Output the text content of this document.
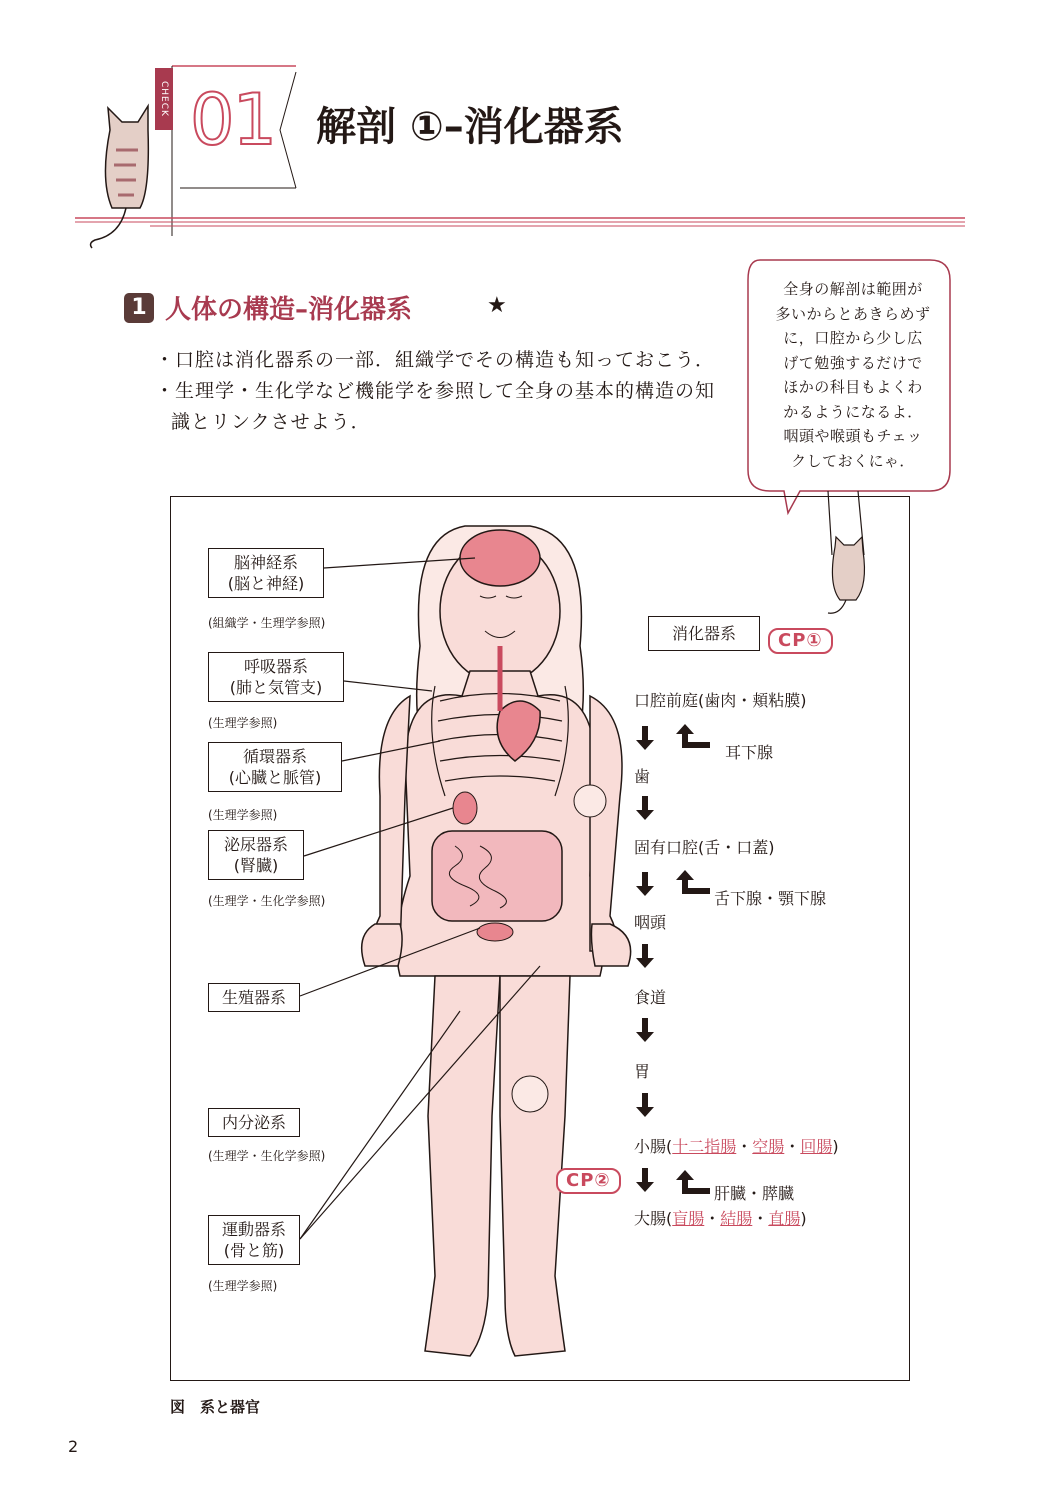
CHECK 01 解剖 ①–消化器系
1 人体の構造–消化器系	★
・口腔は消化器系の一部．組織学でその構造も知っておこう．
・生理学・生化学など機能学を参照して全身の基本的構造の知識とリンクさせよう．
全身の解剖は範囲が
多いからとあきらめず
に，口腔から少し広
げて勉強するだけで
ほかの科目もよくわ
かるようになるよ．
咽頭や喉頭もチェッ
クしておくにゃ．
脳神経系
(脳と神経)
(組織学・生理学参照)
呼吸器系
(肺と気管支)
(生理学参照)
循環器系
(心臓と脈管)
(生理学参照)
泌尿器系
(腎臓)
(生理学・生化学参照)
生殖器系
内分泌系
(生理学・生化学参照)
運動器系
(骨と筋)
(生理学参照)
消化器系	CP①
口腔前庭(歯肉・頬粘膜)
耳下腺
歯
固有口腔(舌・口蓋)
舌下腺・顎下腺
咽頭
食道
胃
小腸(十二指腸・空腸・回腸)
CP②
肝臓・膵臓
大腸(盲腸・結腸・直腸)
図　系と器官
2
